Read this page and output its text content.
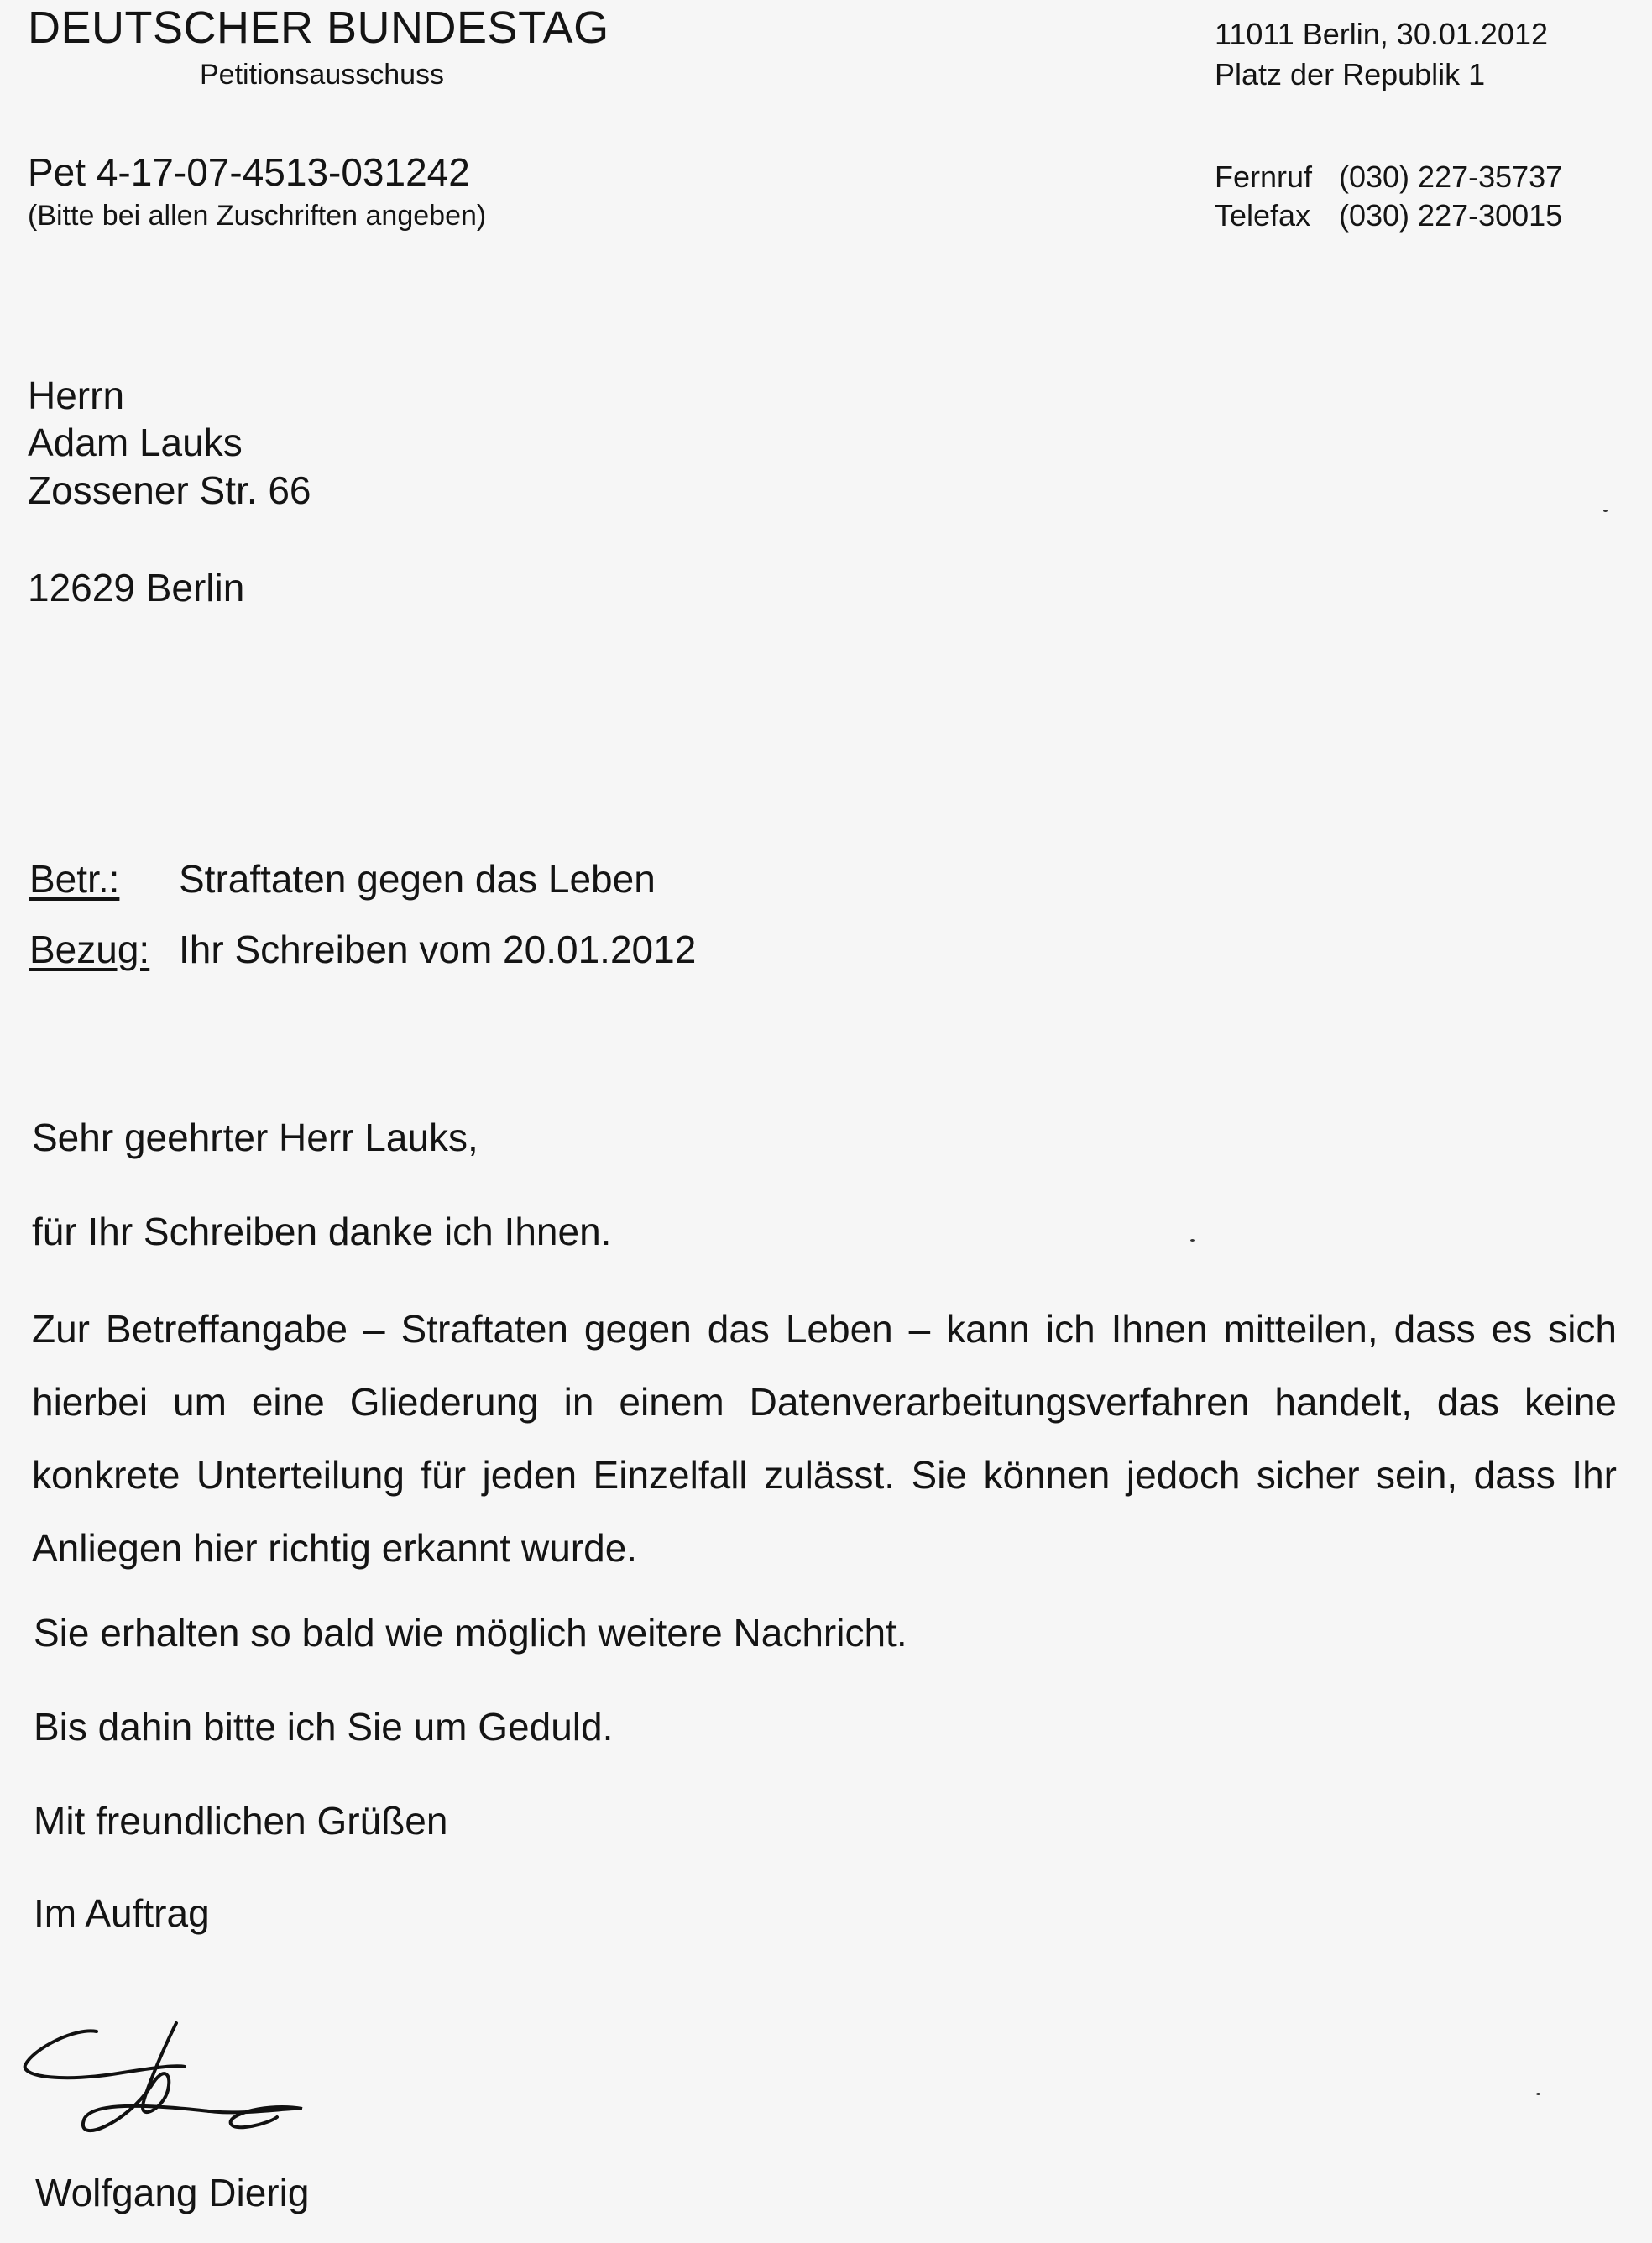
DEUTSCHER BUNDESTAG
Petitionsausschuss
Pet 4-17-07-4513-031242
(Bitte bei allen Zuschriften angeben)
11011 Berlin, 30.01.2012
Platz der Republik 1
Fernruf (030) 227-35737
Telefax (030) 227-30015
Herrn
Adam Lauks
Zossener Str. 66
12629 Berlin
Betr.:	Straftaten gegen das Leben
Bezug: Ihr Schreiben vom 20.01.2012
Sehr geehrter Herr Lauks,
für Ihr Schreiben danke ich Ihnen.
Zur Betreffangabe – Straftaten gegen das Leben – kann ich Ihnen mitteilen, dass es sich hierbei um eine Gliederung in einem Datenverarbeitungsverfahren handelt, das keine konkrete Unterteilung für jeden Einzelfall zulässt. Sie können jedoch sicher sein, dass Ihr Anliegen hier richtig erkannt wurde.
Sie erhalten so bald wie möglich weitere Nachricht.
Bis dahin bitte ich Sie um Geduld.
Mit freundlichen Grüßen
Im Auftrag
Wolfgang Dierig
